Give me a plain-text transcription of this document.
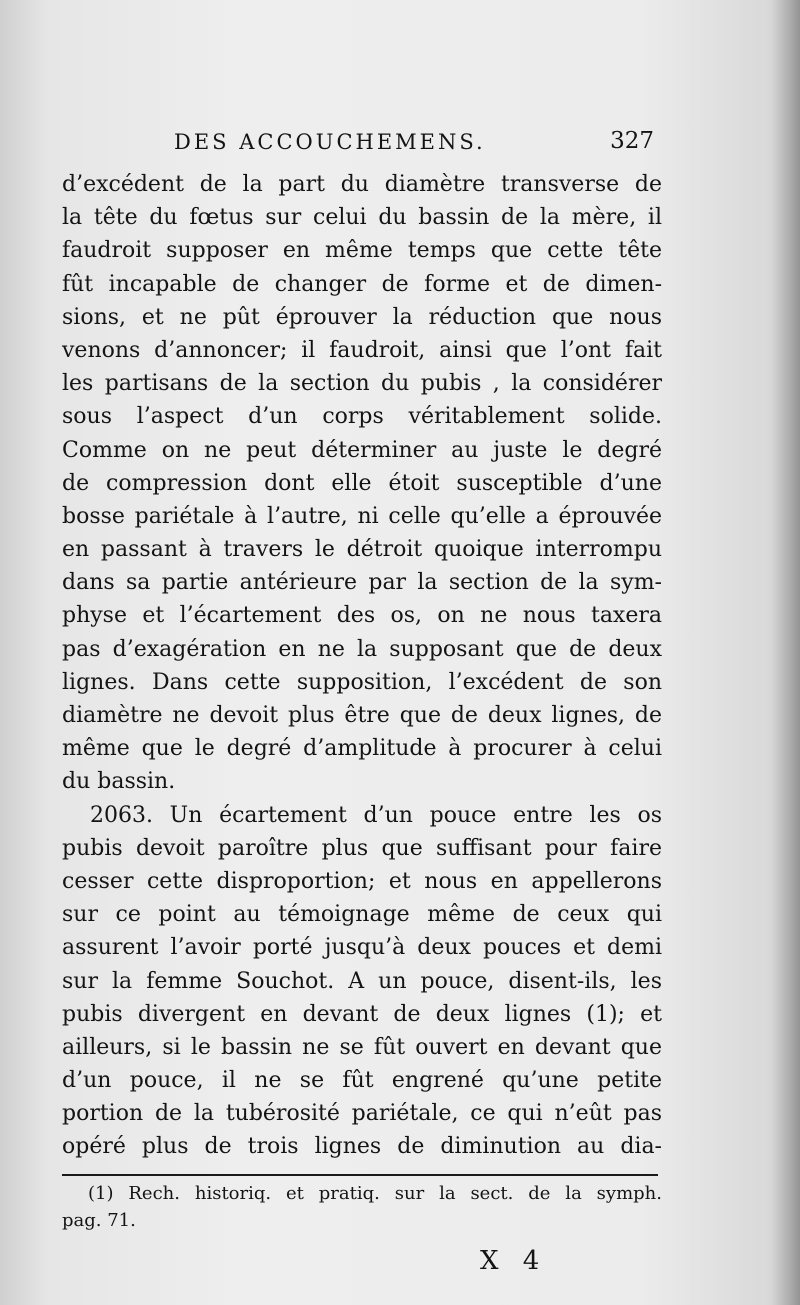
DES ACCOUCHEMENS.	327
d’excédent de la part du diamètre transverse de
la tête du fœtus sur celui du bassin de la mère, il
faudroit supposer en même temps que cette tête
fût incapable de changer de forme et de dimen-
sions, et ne pût éprouver la réduction que nous
venons d’annoncer; il faudroit, ainsi que l’ont fait
les partisans de la section du pubis , la considérer
sous l’aspect d’un corps véritablement solide.
Comme on ne peut déterminer au juste le degré
de compression dont elle étoit susceptible d’une
bosse pariétale à l’autre, ni celle qu’elle a éprouvée
en passant à travers le détroit quoique interrompu
dans sa partie antérieure par la section de la sym-
physe et l’écartement des os, on ne nous taxera
pas d’exagération en ne la supposant que de deux
lignes. Dans cette supposition, l’excédent de son
diamètre ne devoit plus être que de deux lignes, de
même que le degré d’amplitude à procurer à celui
du bassin.
2063. Un écartement d’un pouce entre les os
pubis devoit paroître plus que suffisant pour faire
cesser cette disproportion; et nous en appellerons
sur ce point au témoignage même de ceux qui
assurent l’avoir porté jusqu’à deux pouces et demi
sur la femme Souchot. A un pouce, disent-ils, les
pubis divergent en devant de deux lignes (1); et
ailleurs, si le bassin ne se fût ouvert en devant que
d’un pouce, il ne se fût engrené qu’une petite
portion de la tubérosité pariétale, ce qui n’eût pas
opéré plus de trois lignes de diminution au dia-
(1) Rech. historiq. et pratiq. sur la sect. de la symph.
pag. 71.
X 4
